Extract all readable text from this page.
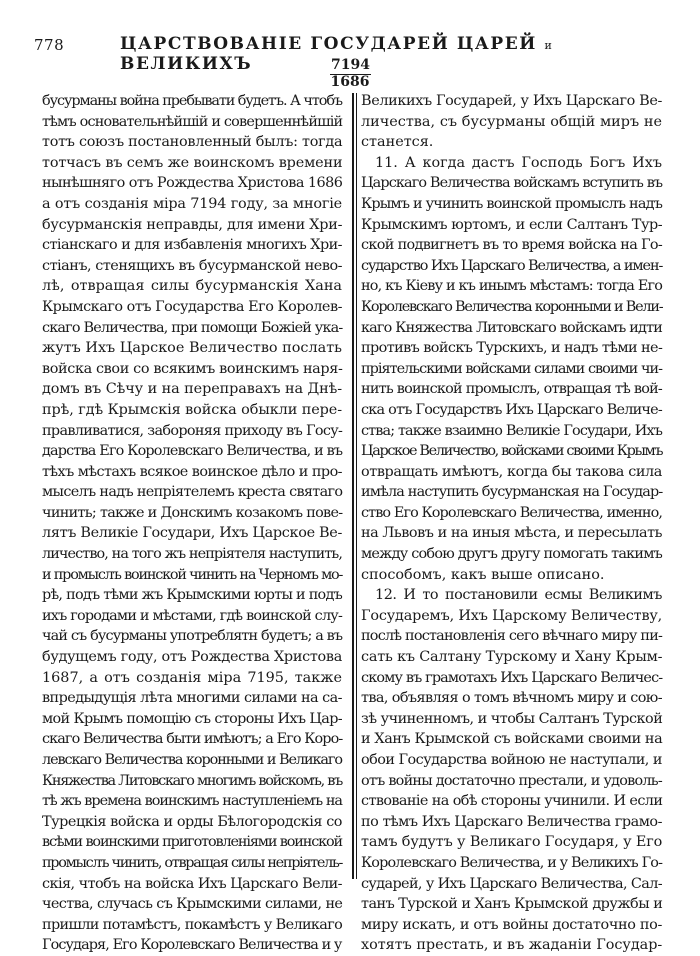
778	ЦАРСТВОВАНІЕ ГОСУДАРЕЙ ЦАРЕЙ и ВЕЛИКИХЪ	$\frac{7194}{1686}$
бусурманы война пребывати будетъ. А чтобъ
тѣмъ основательнѣйшій и совершеннѣйшій
тотъ союзъ постановленный былъ: тогда
тотчасъ въ семъ же воинскомъ времени
нынѣшняго отъ Рождества Христова 1686
а отъ созданія міра 7194 году, за многіе
бусурманскія неправды, для имени Хри-
стіанскаго и для избавленія многихъ Хри-
стіанъ, стенящихъ въ бусурманской нево-
лѣ, отвращая силы бусурманскія Хана
Крымскаго отъ Государства Его Королев-
скаго Величества, при помощи Божіей ука-
жутъ Ихъ Царское Величество послать
войска свои со всякимъ воинскимъ наря-
домъ въ Сѣчу и на переправахъ на Днѣ-
прѣ, гдѣ Крымскія войска обыкли пере-
правливатися, забороняя приходу въ Госу-
дарства Его Королевскаго Величества, и въ
тѣхъ мѣстахъ всякое воинское дѣло и про-
мыселъ надъ непріятелемъ креста святаго
чинить; также и Донскимъ козакомъ пове-
лятъ Великіе Государи, Ихъ Царское Ве-
личество, на того жъ непріятеля наступить,
и промыслъ воинской чинить на Черномъ мо-
рѣ, подъ тѣми жъ Крымскими юрты и подъ
ихъ городами и мѣстами, гдѣ воинской слу-
чай съ бусурманы употреблятн будетъ; а въ
будущемъ году, отъ Рождества Христова
1687, а отъ созданія міра 7195, также
впредыдущія лѣта многими силами на са-
мой Крымъ помощію съ стороны Ихъ Цар-
скаго Величества быти имѣютъ; а Его Коро-
левскаго Величества коронными и Великаго
Княжества Литовскаго многимъ войскомъ, въ
тѣ жъ времена воинскимъ наступленіемъ на
Турецкія войска и орды Бѣлогородскія со
всѣми воинскими приготовленіями воинской
промыслъ чинить, отвращая силы непріятель-
скія, чтобъ на войска Ихъ Царскаго Вели-
чества, случась съ Крымскими силами, не
пришли потамѣстъ, покамѣстъ у Великаго
Государя, Его Королевскаго Величества и у
Великихъ Государей, у Ихъ Царскаго Ве-
личества, съ бусурманы общій миръ не
станется.
11. А когда дастъ Господь Богъ Ихъ
Царскаго Величества войскамъ вступить въ
Крымъ и учинить воинской промыслъ надъ
Крымскимъ юртомъ, и если Салтанъ Тур-
ской подвигнетъ въ то время войска на Го-
сударство Ихъ Царскаго Величества, а имен-
но, къ Кіеву и къ инымъ мѣстамъ: тогда Его
Королевскаго Величества коронными и Вели-
каго Княжества Литовскаго войскамъ идти
противъ войскъ Турскихъ, и надъ тѣми не-
пріятельскими войсками силами своими чи-
нить воинской промыслъ, отвращая тѣ вой-
ска отъ Государствъ Ихъ Царскаго Величе-
ства; также взаимно Великіе Государи, Ихъ
Царское Величество, войсками своими Крымъ
отвращать имѣютъ, когда бы такова сила
имѣла наступить бусурманская на Государ-
ство Его Королевскаго Величества, именно,
на Львовъ и на иныя мѣста, и пересылать
между собою другъ другу помогать такимъ
способомъ, какъ выше описано.
12. И то постановили есмы Великимъ
Государемъ, Ихъ Царскому Величеству,
послѣ постановленія сего вѣчнаго миру пи-
сать къ Салтану Турскому и Хану Крым-
скому въ грамотахъ Ихъ Царскаго Величес-
тва, объявляя о томъ вѣчномъ миру и сою-
зѣ учиненномъ, и чтобы Салтанъ Турской
и Ханъ Крымской съ войсками своими на
обои Государства войною не наступали, и
отъ войны достаточно престали, и удоволь-
ствованіе на обѣ стороны учинили. И если
по тѣмъ Ихъ Царскаго Величества грамо-
тамъ будутъ у Великаго Государя, у Его
Королевскаго Величества, и у Великихъ Го-
сударей, у Ихъ Царскаго Величества, Сал-
танъ Турской и Ханъ Крымской дружбы и
миру искать, и отъ войны достаточно по-
хотятъ престать, и въ жаданіи Государ-
